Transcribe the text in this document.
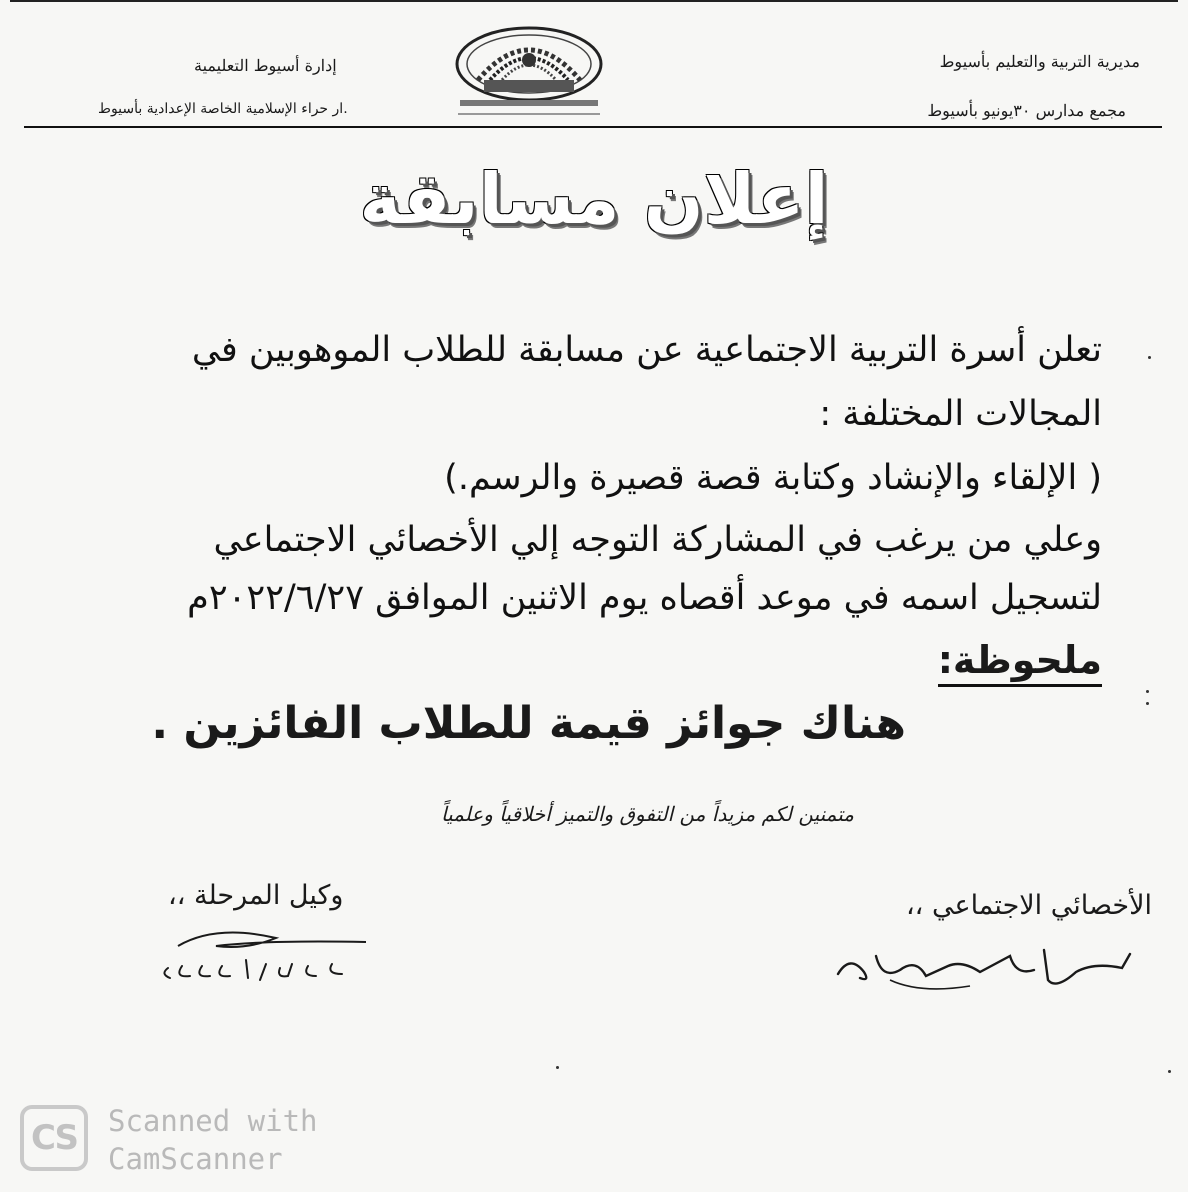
مديرية التربية والتعليم بأسيوط
مجمع مدارس ٣٠يونيو بأسيوط
إدارة أسيوط التعليمية
.ار حراء الإسلامية الخاصة الإعدادية بأسيوط
إعلان مسابقة
تعلن أسرة التربية الاجتماعية عن مسابقة للطلاب الموهوبين في
المجالات المختلفة :
( الإلقاء والإنشاد وكتابة قصة قصيرة والرسم.)
وعلي من يرغب في المشاركة التوجه إلي الأخصائي الاجتماعي
لتسجيل اسمه في موعد أقصاه يوم الاثنين الموافق ٢٠٢٢/٦/٢٧م
ملحوظة:
هناك جوائز قيمة للطلاب الفائزين .
متمنين لكم مزيداً من التفوق والتميز أخلاقياً وعلمياً
الأخصائي الاجتماعي ،،
وكيل المرحلة ،،
CS	Scanned with
CamScanner
